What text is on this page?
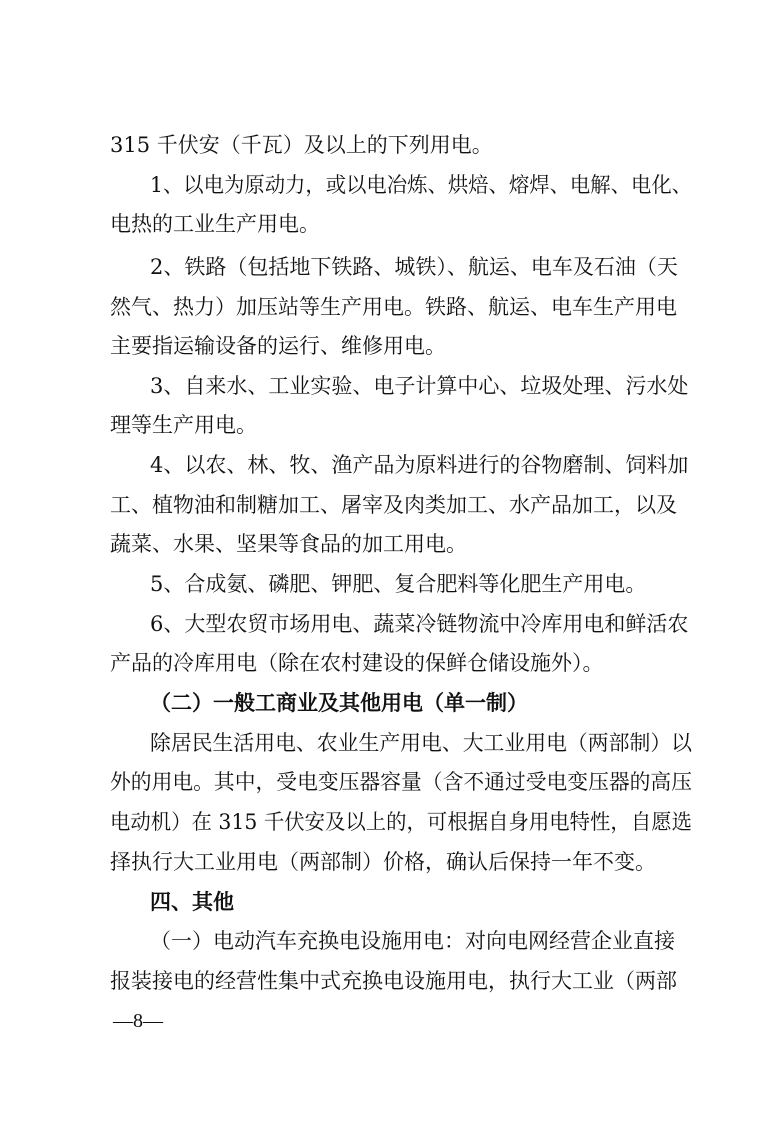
315 千伏安（千瓦）及以上的下列用电。
1、以电为原动力，或以电冶炼、烘焙、熔焊、电解、电化、
电热的工业生产用电。
2、铁路（包括地下铁路、城铁）、航运、电车及石油（天
然气、热力）加压站等生产用电。铁路、航运、电车生产用电
主要指运输设备的运行、维修用电。
3、自来水、工业实验、电子计算中心、垃圾处理、污水处
理等生产用电。
4、以农、林、牧、渔产品为原料进行的谷物磨制、饲料加
工、植物油和制糖加工、屠宰及肉类加工、水产品加工，以及
蔬菜、水果、坚果等食品的加工用电。
5、合成氨、磷肥、钾肥、复合肥料等化肥生产用电。
6、大型农贸市场用电、蔬菜冷链物流中冷库用电和鲜活农
产品的冷库用电（除在农村建设的保鲜仓储设施外）。
（二）一般工商业及其他用电（单一制）
除居民生活用电、农业生产用电、大工业用电（两部制）以
外的用电。其中，受电变压器容量（含不通过受电变压器的高压
电动机）在 315 千伏安及以上的，可根据自身用电特性，自愿选
择执行大工业用电（两部制）价格，确认后保持一年不变。
四、其他
（一）电动汽车充换电设施用电：对向电网经营企业直接
报装接电的经营性集中式充换电设施用电，执行大工业（两部
—8—
